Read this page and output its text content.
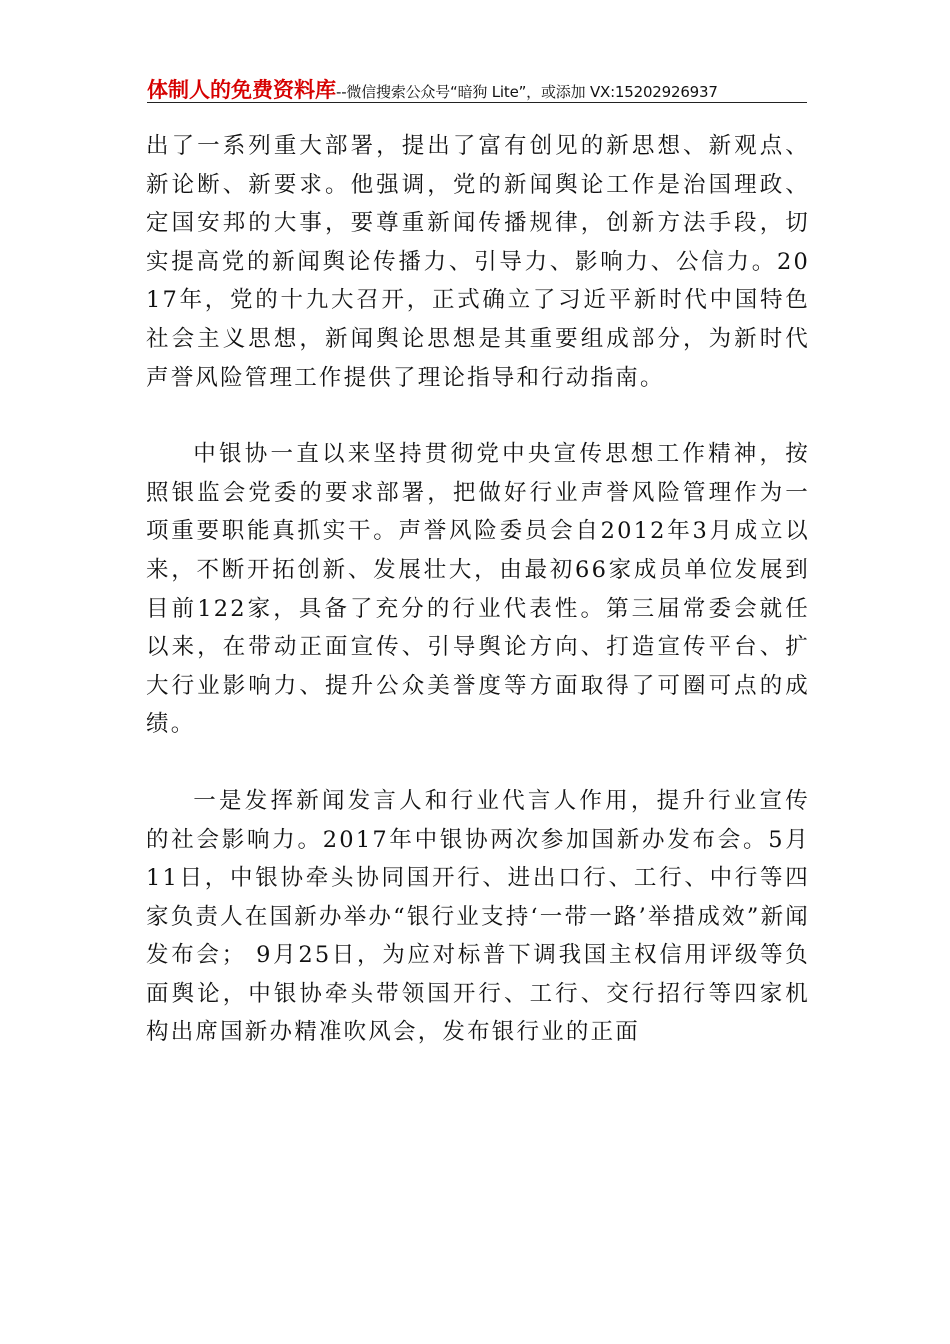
体制人的免费资料库--微信搜索公众号“暗狗 Lite”，或添加 VX:15202926937

出了一系列重大部署，提出了富有创见的新思想、新观点、新论断、新要求。他强调，党的新闻舆论工作是治国理政、定国安邦的大事，要尊重新闻传播规律，创新方法手段，切实提高党的新闻舆论传播力、引导力、影响力、公信力。2017年，党的十九大召开，正式确立了习近平新时代中国特色社会主义思想，新闻舆论思想是其重要组成部分，为新时代声誉风险管理工作提供了理论指导和行动指南。

中银协一直以来坚持贯彻党中央宣传思想工作精神，按照银监会党委的要求部署，把做好行业声誉风险管理作为一项重要职能真抓实干。声誉风险委员会自2012年3月成立以来，不断开拓创新、发展壮大，由最初66家成员单位发展到目前122家，具备了充分的行业代表性。第三届常委会就任以来，在带动正面宣传、引导舆论方向、打造宣传平台、扩大行业影响力、提升公众美誉度等方面取得了可圈可点的成绩。

一是发挥新闻发言人和行业代言人作用，提升行业宣传的社会影响力。2017年中银协两次参加国新办发布会。5月11日，中银协牵头协同国开行、进出口行、工行、中行等四家负责人在国新办举办“银行业支持‘一带一路’举措成效”新闻发布会； 9月25日，为应对标普下调我国主权信用评级等负面舆论，中银协牵头带领国开行、工行、交行招行等四家机构出席国新办精准吹风会，发布银行业的正面
